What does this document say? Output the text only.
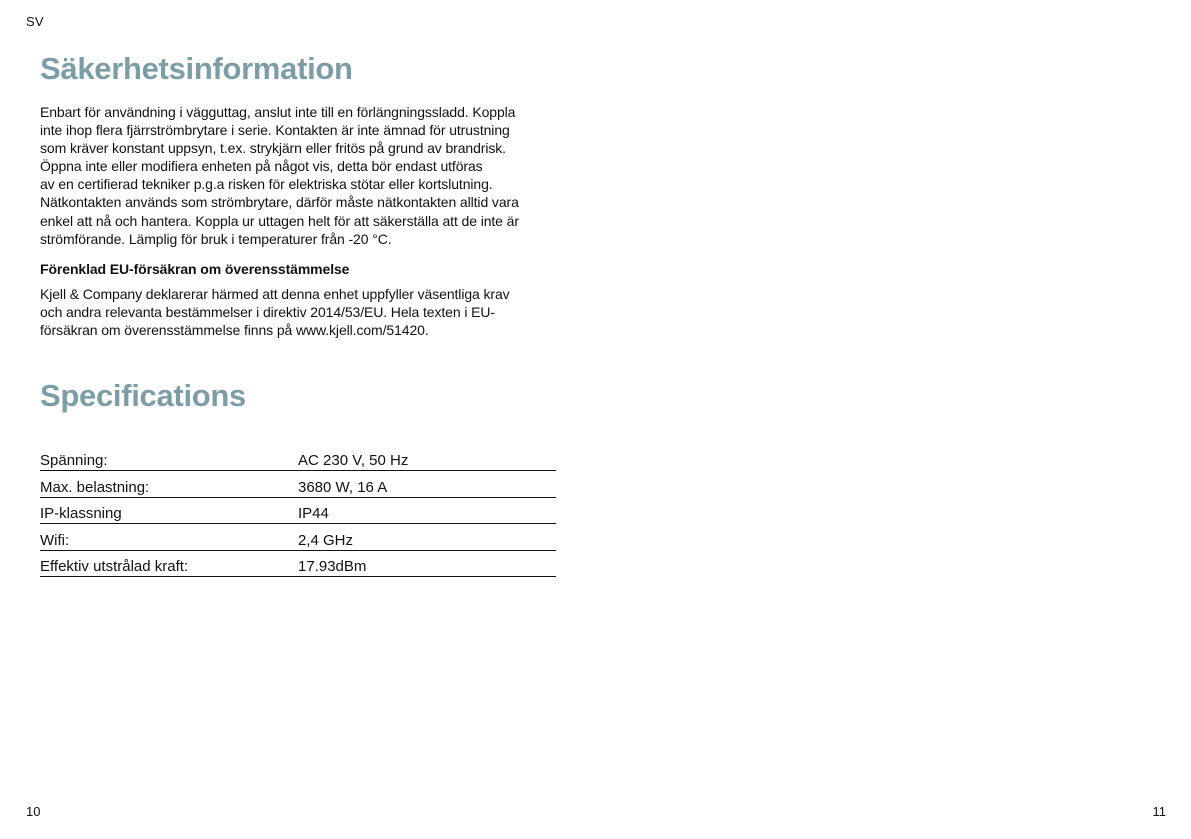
SV
Säkerhetsinformation

Enbart för användning i vägguttag, anslut inte till en förlängningssladd. Koppla
inte ihop flera fjärrströmbrytare i serie. Kontakten är inte ämnad för utrustning
som kräver konstant uppsyn, t.ex. strykjärn eller fritös på grund av brandrisk.
Öppna inte eller modifiera enheten på något vis, detta bör endast utföras
av en certifierad tekniker p.g.a risken för elektriska stötar eller kortslutning.
Nätkontakten används som strömbrytare, därför måste nätkontakten alltid vara
enkel att nå och hantera. Koppla ur uttagen helt för att säkerställa att de inte är
strömförande. Lämplig för bruk i temperaturer från -20 °C.

Förenklad EU-försäkran om överensstämmelse

Kjell & Company deklarerar härmed att denna enhet uppfyller väsentliga krav
och andra relevanta bestämmelser i direktiv 2014/53/EU. Hela texten i EU-
försäkran om överensstämmelse finns på www.kjell.com/51420.

Specifications
Spänning:	AC 230 V, 50 Hz
Max. belastning:	3680 W, 16 A
IP-klassning	IP44
Wifi:	2,4 GHz
Effektiv utstrålad kraft:	17.93dBm
10	11
